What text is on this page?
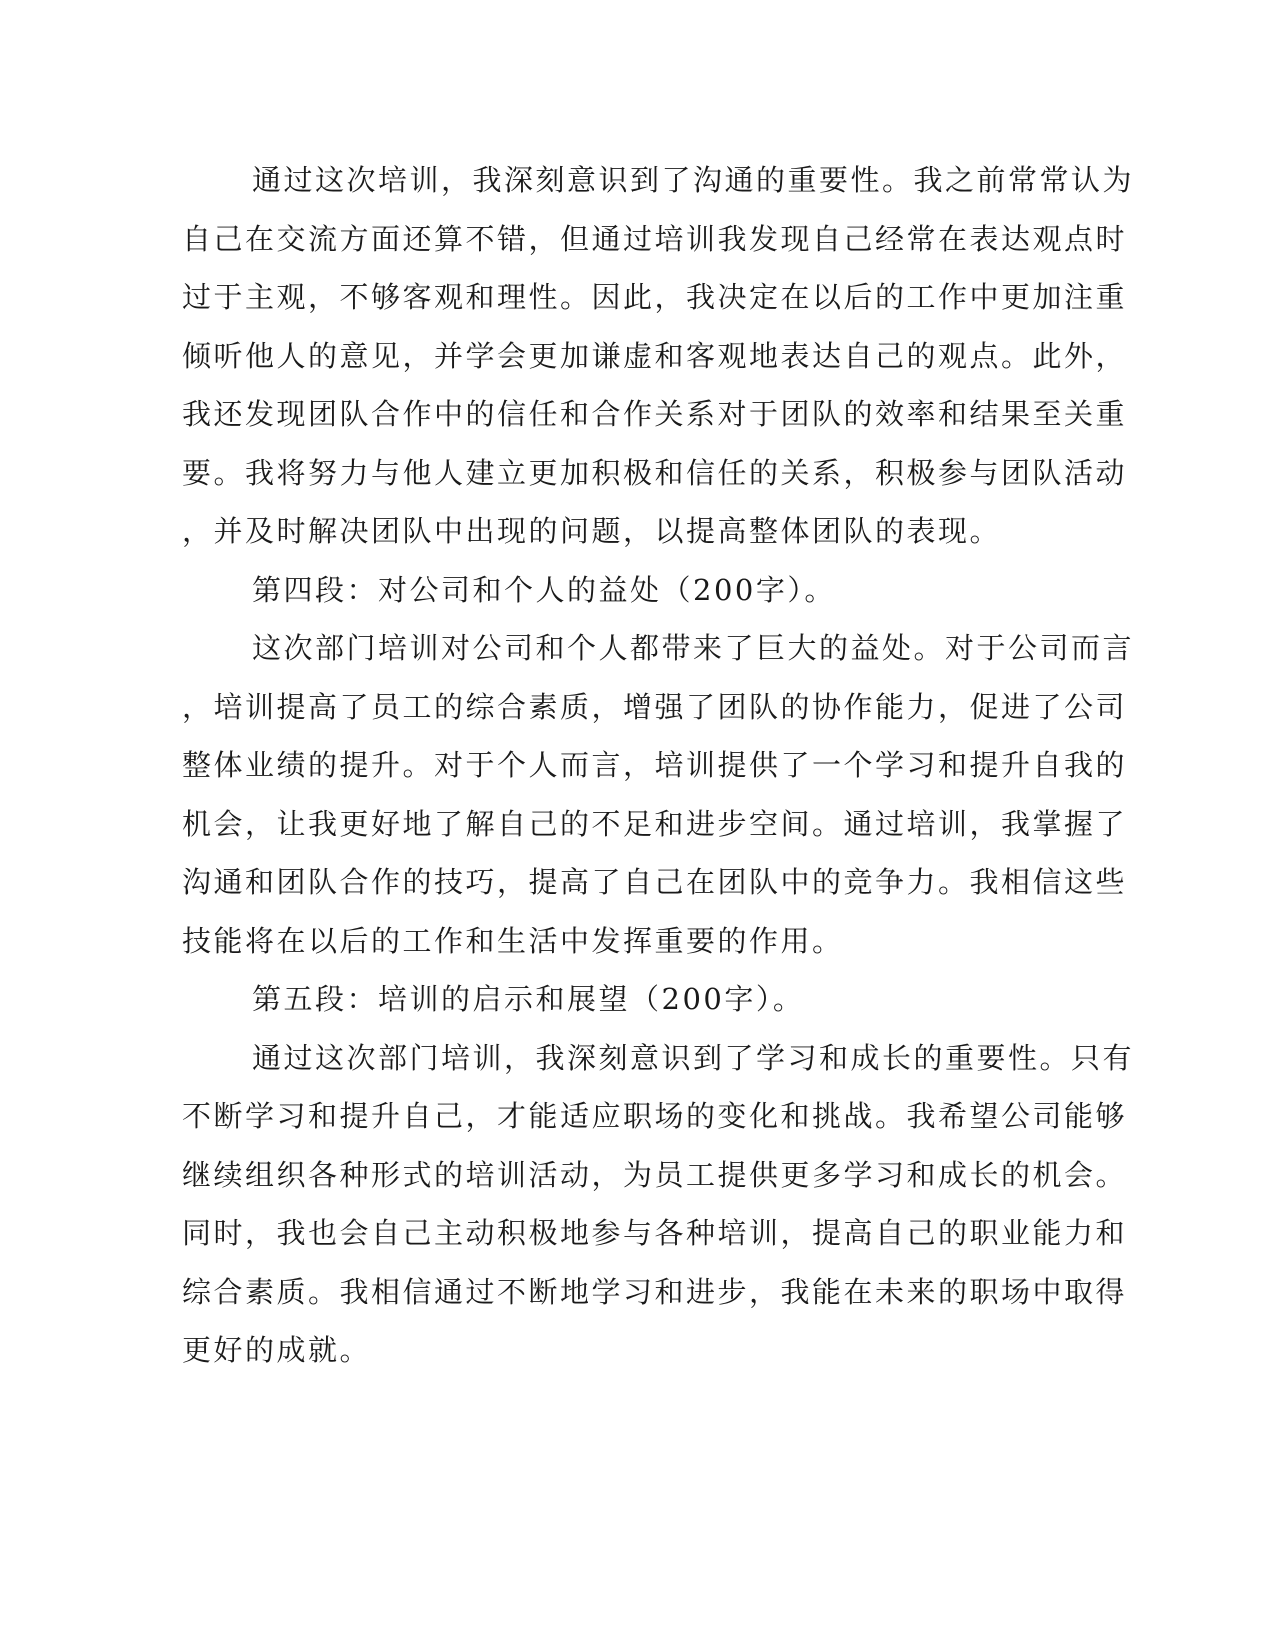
通过这次培训，我深刻意识到了沟通的重要性。我之前常常认为
自己在交流方面还算不错，但通过培训我发现自己经常在表达观点时
过于主观，不够客观和理性。因此，我决定在以后的工作中更加注重
倾听他人的意见，并学会更加谦虚和客观地表达自己的观点。此外，
我还发现团队合作中的信任和合作关系对于团队的效率和结果至关重
要。我将努力与他人建立更加积极和信任的关系，积极参与团队活动
，并及时解决团队中出现的问题，以提高整体团队的表现。
第四段：对公司和个人的益处（200字）。
这次部门培训对公司和个人都带来了巨大的益处。对于公司而言
，培训提高了员工的综合素质，增强了团队的协作能力，促进了公司
整体业绩的提升。对于个人而言，培训提供了一个学习和提升自我的
机会，让我更好地了解自己的不足和进步空间。通过培训，我掌握了
沟通和团队合作的技巧，提高了自己在团队中的竞争力。我相信这些
技能将在以后的工作和生活中发挥重要的作用。
第五段：培训的启示和展望（200字）。
通过这次部门培训，我深刻意识到了学习和成长的重要性。只有
不断学习和提升自己，才能适应职场的变化和挑战。我希望公司能够
继续组织各种形式的培训活动，为员工提供更多学习和成长的机会。
同时，我也会自己主动积极地参与各种培训，提高自己的职业能力和
综合素质。我相信通过不断地学习和进步，我能在未来的职场中取得
更好的成就。
